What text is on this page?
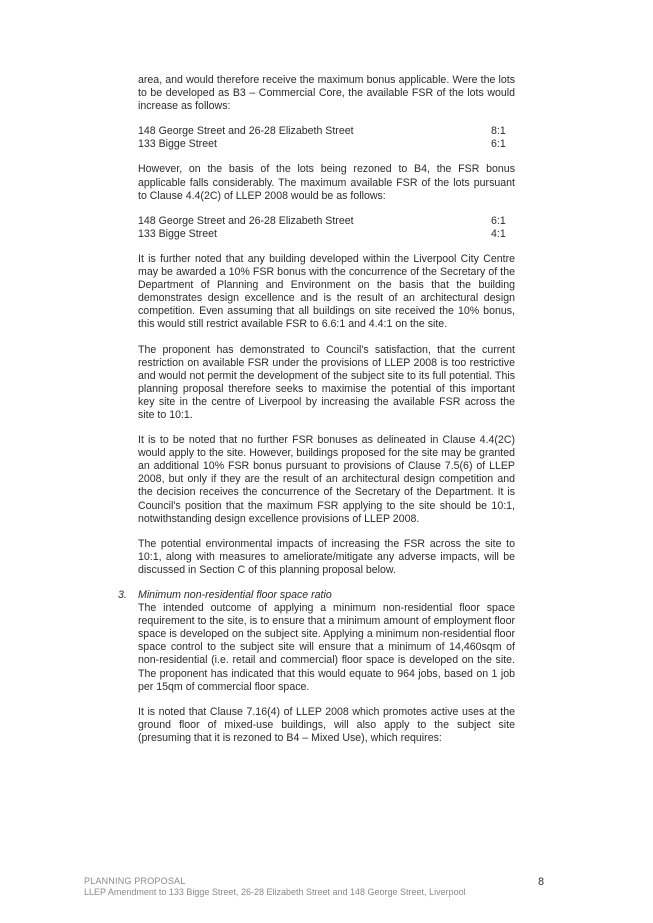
area, and would therefore receive the maximum bonus applicable. Were the lots to be developed as B3 – Commercial Core, the available FSR of the lots would increase as follows:

148 George Street and 26-28 Elizabeth Street	8:1
133 Bigge Street	6:1

However, on the basis of the lots being rezoned to B4, the FSR bonus applicable falls considerably. The maximum available FSR of the lots pursuant to Clause 4.4(2C) of LLEP 2008 would be as follows:

148 George Street and 26-28 Elizabeth Street	6:1
133 Bigge Street	4:1

It is further noted that any building developed within the Liverpool City Centre may be awarded a 10% FSR bonus with the concurrence of the Secretary of the Department of Planning and Environment on the basis that the building demonstrates design excellence and is the result of an architectural design competition. Even assuming that all buildings on site received the 10% bonus, this would still restrict available FSR to 6.6:1 and 4.4:1 on the site.

The proponent has demonstrated to Council's satisfaction, that the current restriction on available FSR under the provisions of LLEP 2008 is too restrictive and would not permit the development of the subject site to its full potential. This planning proposal therefore seeks to maximise the potential of this important key site in the centre of Liverpool by increasing the available FSR across the site to 10:1.

It is to be noted that no further FSR bonuses as delineated in Clause 4.4(2C) would apply to the site. However, buildings proposed for the site may be granted an additional 10% FSR bonus pursuant to provisions of Clause 7.5(6) of LLEP 2008, but only if they are the result of an architectural design competition and the decision receives the concurrence of the Secretary of the Department. It is Council's position that the maximum FSR applying to the site should be 10:1, notwithstanding design excellence provisions of LLEP 2008.

The potential environmental impacts of increasing the FSR across the site to 10:1, along with measures to ameliorate/mitigate any adverse impacts, will be discussed in Section C of this planning proposal below.

3. Minimum non-residential floor space ratio

The intended outcome of applying a minimum non-residential floor space requirement to the site, is to ensure that a minimum amount of employment floor space is developed on the subject site. Applying a minimum non-residential floor space control to the subject site will ensure that a minimum of 14,460sqm of non-residential (i.e. retail and commercial) floor space is developed on the site. The proponent has indicated that this would equate to 964 jobs, based on 1 job per 15qm of commercial floor space.

It is noted that Clause 7.16(4) of LLEP 2008 which promotes active uses at the ground floor of mixed-use buildings, will also apply to the subject site (presuming that it is rezoned to B4 – Mixed Use), which requires:

PLANNING PROPOSAL
LLEP Amendment to 133 Bigge Street, 26-28 Elizabeth Street and 148 George Street, Liverpool
8
